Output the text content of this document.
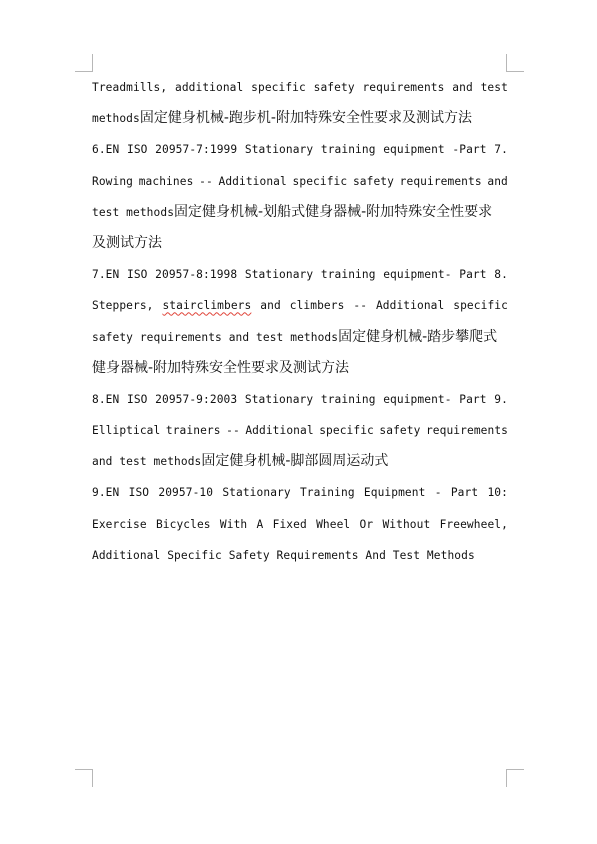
Treadmills, additional specific safety requirements and test
methods固定健身机械-跑步机-附加特殊安全性要求及测试方法
6.EN ISO 20957-7:1999 Stationary training equipment -Part 7.
Rowing machines -- Additional specific safety requirements and
test methods固定健身机械-划船式健身器械-附加特殊安全性要求
及测试方法
7.EN ISO 20957-8:1998 Stationary training equipment- Part 8.
Steppers, stairclimbers and climbers -- Additional specific
safety requirements and test methods固定健身机械-踏步攀爬式
健身器械-附加特殊安全性要求及测试方法
8.EN ISO 20957-9:2003 Stationary training equipment- Part 9.
Elliptical trainers -- Additional specific safety requirements
and test methods固定健身机械-脚部圆周运动式
9.EN ISO 20957-10 Stationary Training Equipment - Part 10:
Exercise Bicycles With A Fixed Wheel Or Without Freewheel,
Additional Specific Safety Requirements And Test Methods
